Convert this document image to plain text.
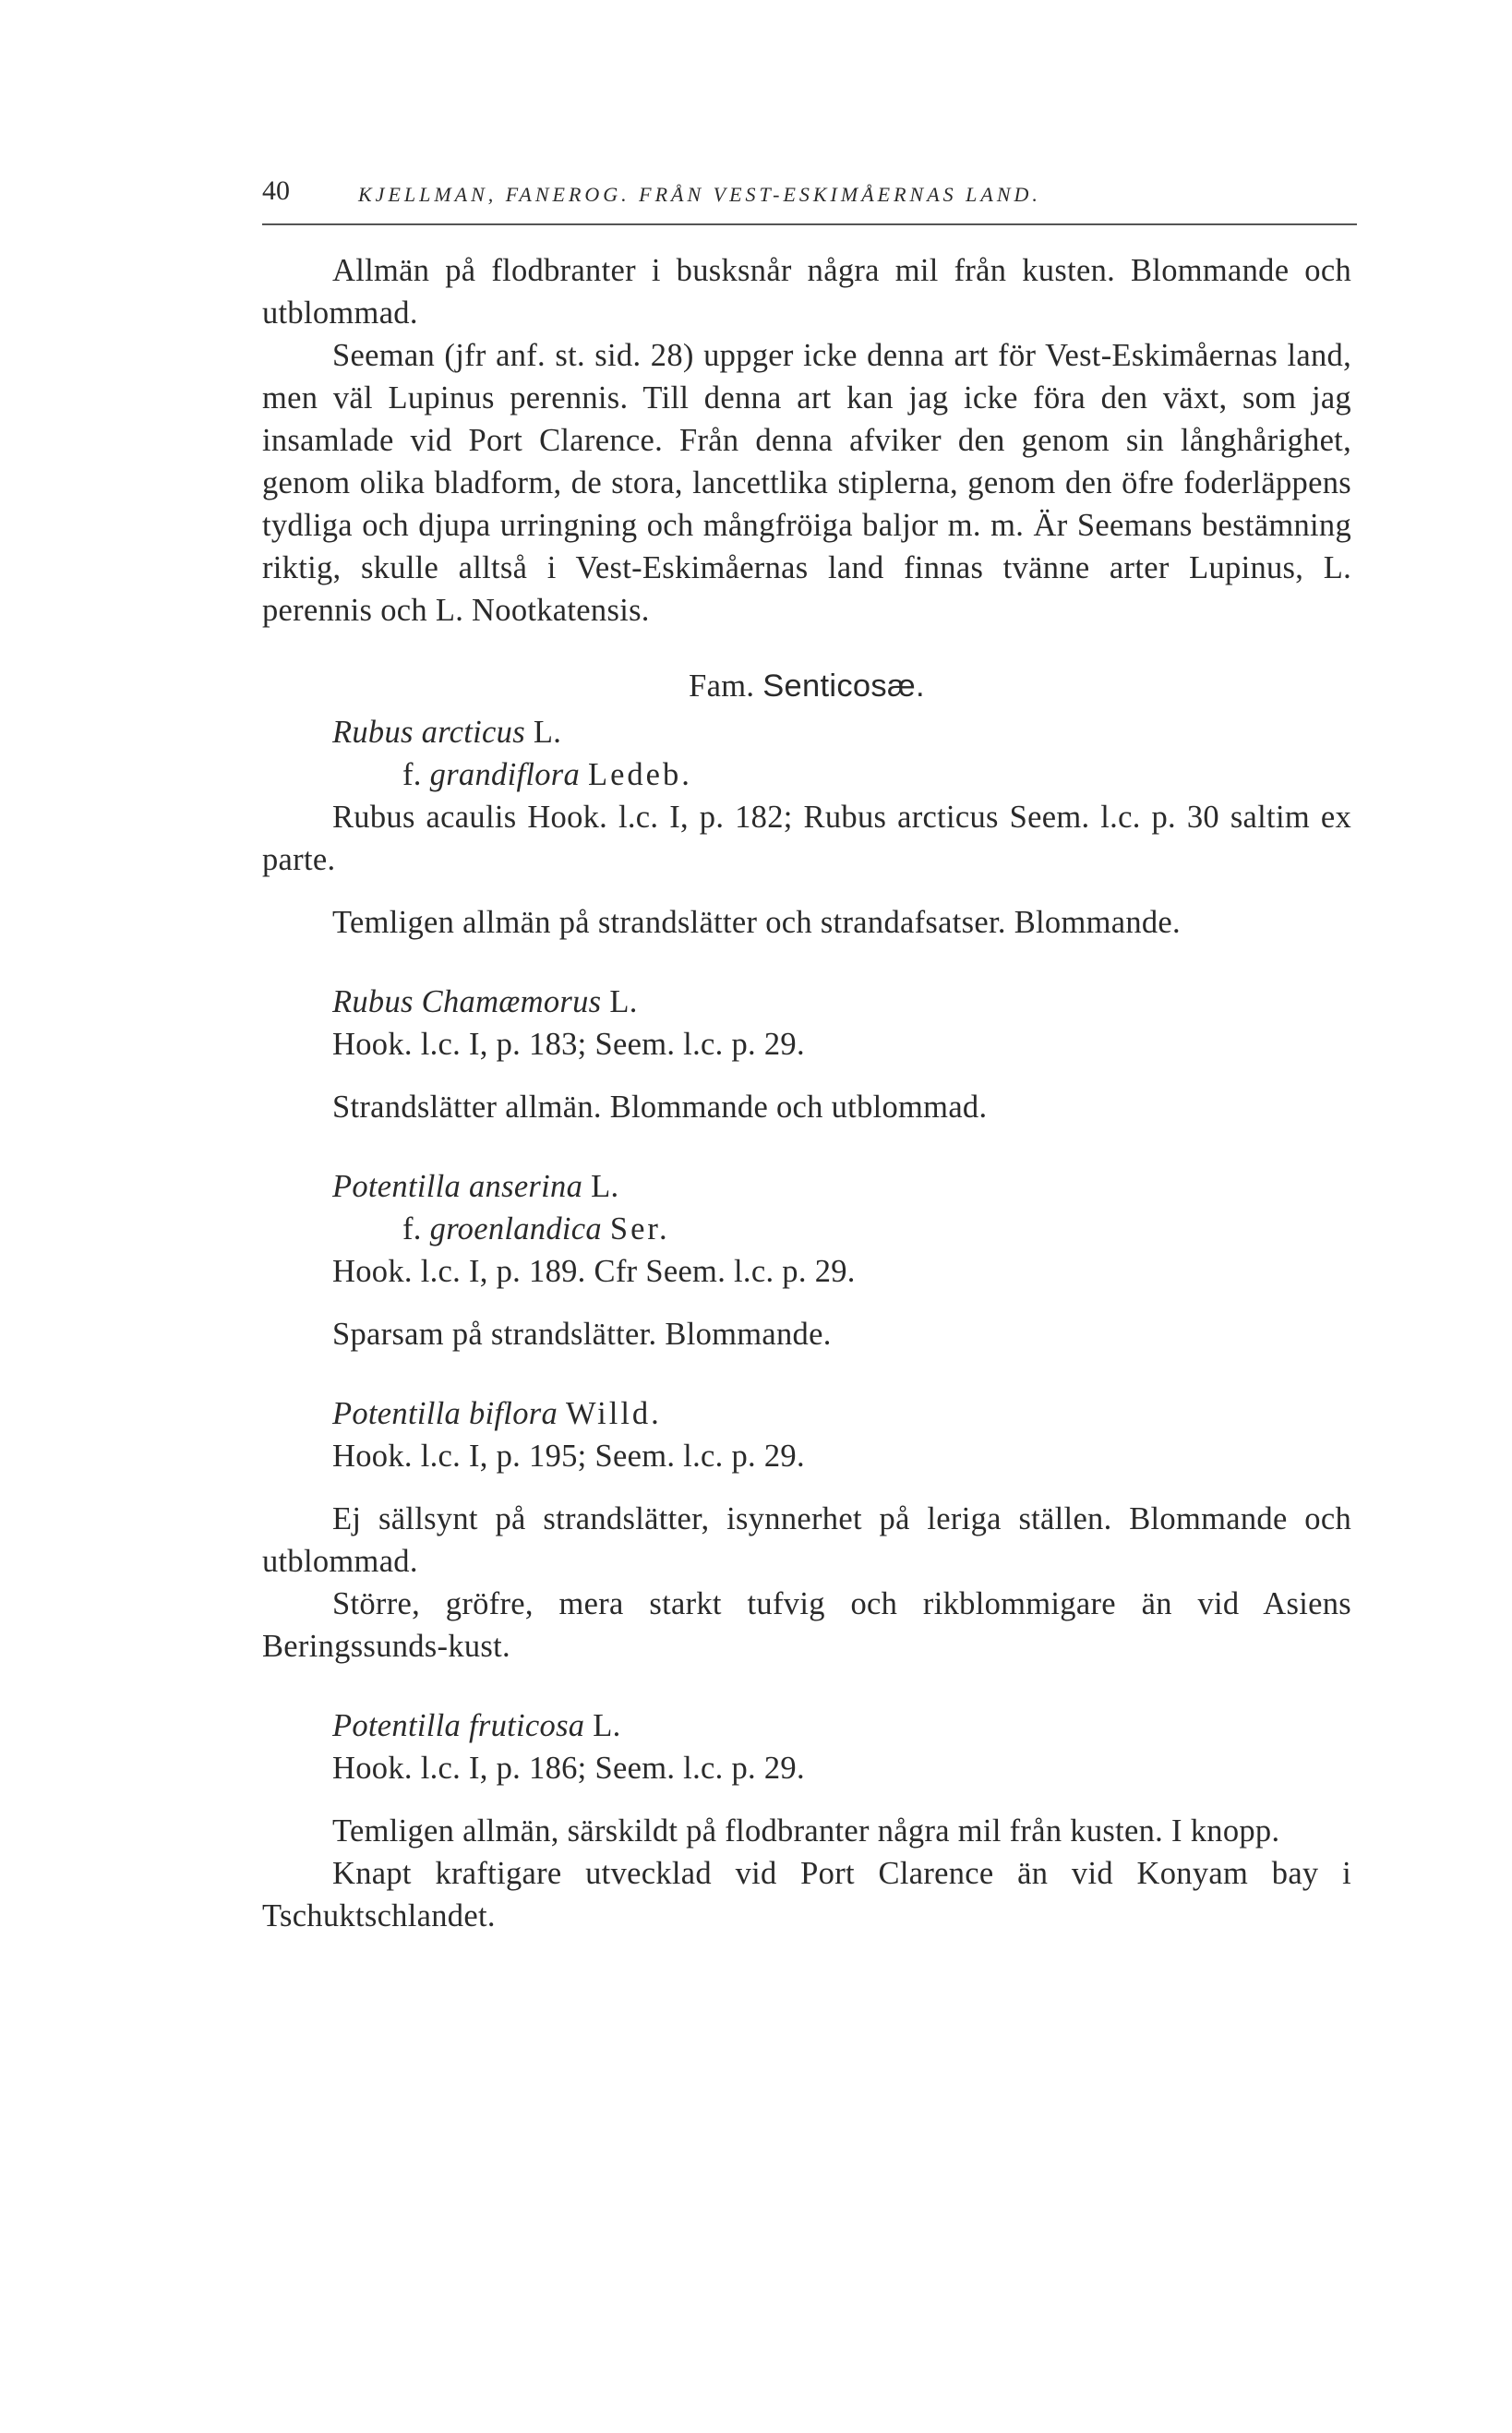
40	KJELLMAN, FANEROG. FRÅN VEST-ESKIMÅERNAS LAND.

Allmän på flodbranter i busksnår några mil från kusten. Blommande och utblommad.

Seeman (jfr anf. st. sid. 28) uppger icke denna art för Vest-Eskimåernas land, men väl Lupinus perennis. Till denna art kan jag icke föra den växt, som jag insamlade vid Port Clarence. Från denna afviker den genom sin långhårighet, genom olika bladform, de stora, lancettlika stiplerna, genom den öfre foderläppens tydliga och djupa urringning och mångfröiga baljor m. m. Är Seemans bestämning riktig, skulle alltså i Vest-Eskimåernas land finnas tvänne arter Lupinus, L. perennis och L. Nootkatensis.

Fam. Senticosæ.

Rubus arcticus L.

f. grandiflora Ledeb.

Rubus acaulis Hook. l.c. I, p. 182; Rubus arcticus Seem. l.c. p. 30 saltim ex parte.

Temligen allmän på strandslätter och strandafsatser. Blommande.

Rubus Chamæmorus L.

Hook. l.c. I, p. 183; Seem. l.c. p. 29.

Strandslätter allmän. Blommande och utblommad.

Potentilla anserina L.

f. groenlandica Ser.

Hook. l.c. I, p. 189. Cfr Seem. l.c. p. 29.

Sparsam på strandslätter. Blommande.

Potentilla biflora Willd.

Hook. l.c. I, p. 195; Seem. l.c. p. 29.

Ej sällsynt på strandslätter, isynnerhet på leriga ställen. Blommande och utblommad.

Större, gröfre, mera starkt tufvig och rikblommigare än vid Asiens Beringssunds-kust.

Potentilla fruticosa L.

Hook. l.c. I, p. 186; Seem. l.c. p. 29.

Temligen allmän, särskildt på flodbranter några mil från kusten. I knopp.

Knapt kraftigare utvecklad vid Port Clarence än vid Konyam bay i Tschuktschlandet.
